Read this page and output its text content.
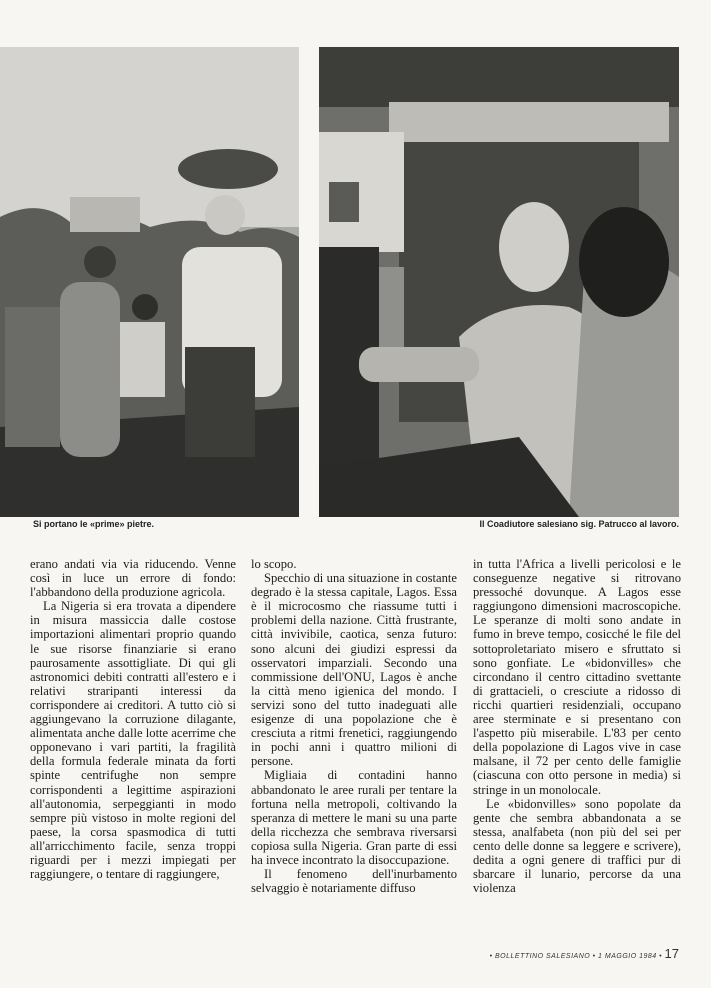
Si portano le «prime» pietre.	Il Coadiutore salesiano sig. Patrucco al lavoro.

erano andati via via riducendo. Venne così in luce un errore di fondo: l'abbandono della produzione agricola.

La Nigeria si era trovata a dipendere in misura massiccia dalle costose importazioni alimentari proprio quando le sue risorse finanziarie si erano paurosamente assottigliate. Di qui gli astronomici debiti contratti all'estero e i relativi straripanti interessi da corrispondere ai creditori. A tutto ciò si aggiungevano la corruzione dilagante, alimentata anche dalle lotte acerrime che opponevano i vari partiti, la fragilità della formula federale minata da forti spinte centrifughe non sempre corrispondenti a legittime aspirazioni all'autonomia, serpeggianti in modo sempre più vistoso in molte regioni del paese, la corsa spasmodica di tutti all'arricchimento facile, senza troppi riguardi per i mezzi impiegati per raggiungere, o tentare di raggiungere,

lo scopo.

Specchio di una situazione in costante degrado è la stessa capitale, Lagos. Essa è il microcosmo che riassume tutti i problemi della nazione. Città frustrante, città invivibile, caotica, senza futuro: sono alcuni dei giudizi espressi da osservatori imparziali. Secondo una commissione dell'ONU, Lagos è anche la città meno igienica del mondo. I servizi sono del tutto inadeguati alle esigenze di una popolazione che è cresciuta a ritmi frenetici, raggiungendo in pochi anni i quattro milioni di persone.

Migliaia di contadini hanno abbandonato le aree rurali per tentare la fortuna nella metropoli, coltivando la speranza di mettere le mani su una parte della ricchezza che sembrava riversarsi copiosa sulla Nigeria. Gran parte di essi ha invece incontrato la disoccupazione.

Il fenomeno dell'inurbamento selvaggio è notariamente diffuso

in tutta l'Africa a livelli pericolosi e le conseguenze negative si ritrovano pressoché dovunque. A Lagos esse raggiungono dimensioni macroscopiche. Le speranze di molti sono andate in fumo in breve tempo, cosicché le file del sottoproletariato misero e sfruttato si sono gonfiate. Le «bidonvilles» che circondano il centro cittadino svettante di grattacieli, o cresciute a ridosso di ricchi quartieri residenziali, occupano aree sterminate e si presentano con l'aspetto più miserabile. L'83 per cento della popolazione di Lagos vive in case malsane, il 72 per cento delle famiglie (ciascuna con otto persone in media) si stringe in un monolocale.

Le «bidonvilles» sono popolate da gente che sembra abbandonata a se stessa, analfabeta (non più del sei per cento delle donne sa leggere e scrivere), dedita a ogni genere di traffici pur di sbarcare il lunario, percorse da una violenza

• BOLLETTINO SALESIANO • 1 MAGGIO 1984 • 17
